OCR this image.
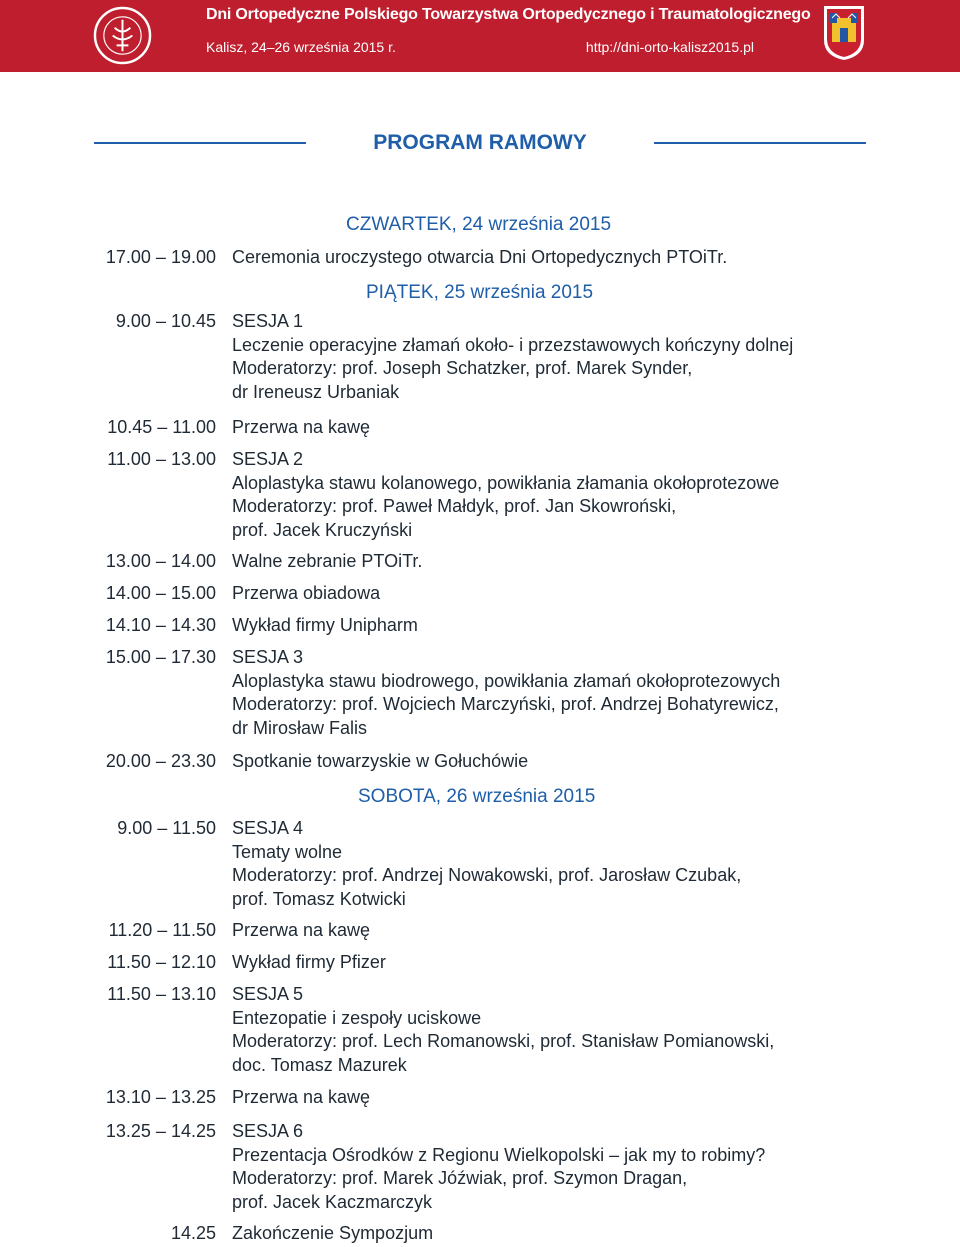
Dni Ortopedyczne Polskiego Towarzystwa Ortopedycznego i Traumatologicznego
Kalisz, 24–26 września 2015 r.	http://dni-orto-kalisz2015.pl
PROGRAM RAMOWY
CZWARTEK, 24 września 2015
PIĄTEK, 25 września 2015
SOBOTA, 26 września 2015
17.00 – 19.00 Ceremonia uroczystego otwarcia Dni Ortopedycznych PTOiTr.
9.00 – 10.45 SESJA 1
Leczenie operacyjne złamań około- i przezstawowych kończyny dolnej
Moderatorzy: prof. Joseph Schatzker, prof. Marek Synder,
dr Ireneusz Urbaniak
10.45 – 11.00 Przerwa na kawę
11.00 – 13.00 SESJA 2
Aloplastyka stawu kolanowego, powikłania złamania okołoprotezowe
Moderatorzy: prof. Paweł Małdyk, prof. Jan Skowroński,
prof. Jacek Kruczyński
13.00 – 14.00 Walne zebranie PTOiTr.
14.00 – 15.00 Przerwa obiadowa
14.10 – 14.30 Wykład firmy Unipharm
15.00 – 17.30 SESJA 3
Aloplastyka stawu biodrowego, powikłania złamań okołoprotezowych
Moderatorzy: prof. Wojciech Marczyński, prof. Andrzej Bohatyrewicz,
dr Mirosław Falis
20.00 – 23.30 Spotkanie towarzyskie w Gołuchówie
9.00 – 11.50 SESJA 4
Tematy wolne
Moderatorzy: prof. Andrzej Nowakowski, prof. Jarosław Czubak,
prof. Tomasz Kotwicki
11.20 – 11.50 Przerwa na kawę
11.50 – 12.10 Wykład firmy Pfizer
11.50 – 13.10 SESJA 5
Entezopatie i zespoły uciskowe
Moderatorzy: prof. Lech Romanowski, prof. Stanisław Pomianowski,
doc. Tomasz Mazurek
13.10 – 13.25 Przerwa na kawę
13.25 – 14.25 SESJA 6
Prezentacja Ośrodków z Regionu Wielkopolski – jak my to robimy?
Moderatorzy: prof. Marek Jóźwiak, prof. Szymon Dragan,
prof. Jacek Kaczmarczyk
14.25 Zakończenie Sympozjum
